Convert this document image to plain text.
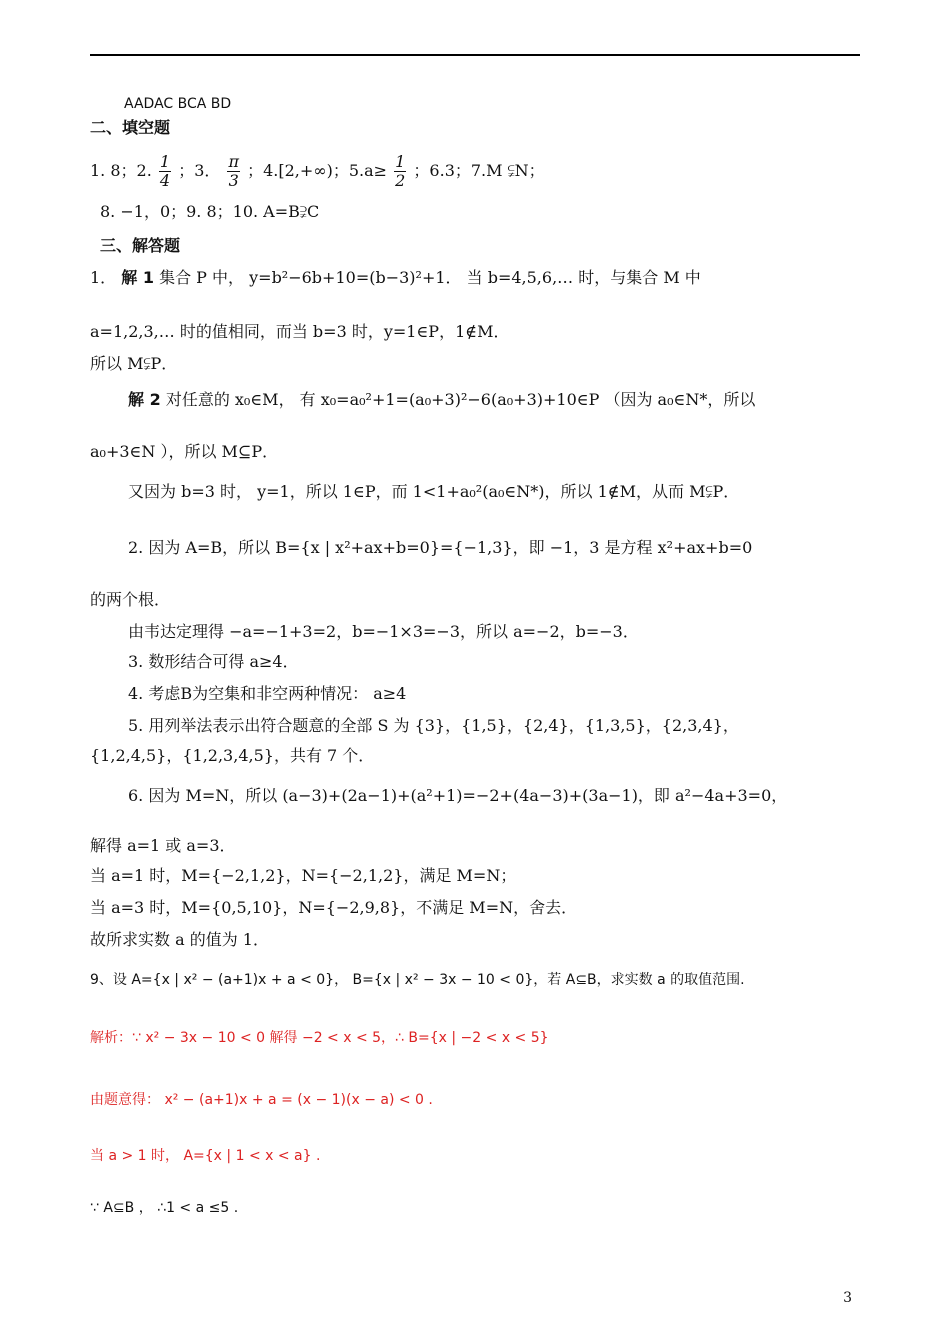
AADAC BCA BD
二、填空题
1. 8；2. $\frac{1}{4}$ ；3． $\frac{\pi}{3}$ ；4.[2,+∞)；$5.a\ge \frac{1}{2}$ ；6.3；7.M ⫋N；
8. −1，0；9. 8；10. A=B⫌C
三、解答题
1． 解 1 集合 P 中， y=b²−6b+10=(b−3)²+1． 当 b=4,5,6,… 时，与集合 M 中
a=1,2,3,… 时的值相同，而当 b=3 时，y=1∈P，1∉M．
所以 M⫋P．
解 2 对任意的 x₀∈M， 有 x₀=a₀²+1=(a₀+3)²−6(a₀+3)+10∈P （因为 a₀∈N*，所以
a₀+3∈N ），所以 M⊆P．
又因为 b=3 时， y=1，所以 1∈P，而 1<1+a₀²(a₀∈N*)，所以 1∉M，从而 M⫋P．
2. 因为 A=B，所以 B={x | x²+ax+b=0}={−1,3}，即 −1，3 是方程 x²+ax+b=0
的两个根．
由韦达定理得 −a=−1+3=2，b=−1×3=−3，所以 a=−2，b=−3．
3. 数形结合可得 a≥4．
4. 考虑B为空集和非空两种情况： a≥4
5. 用列举法表示出符合题意的全部 S 为 {3}，{1,5}，{2,4}，{1,3,5}，{2,3,4}，
{1,2,4,5}，{1,2,3,4,5}，共有 7 个．
6. 因为 M=N，所以 (a−3)+(2a−1)+(a²+1)=−2+(4a−3)+(3a−1)，即 a²−4a+3=0，
解得 a=1 或 a=3．
当 a=1 时，M={−2,1,2}，N={−2,1,2}，满足 M=N；
当 a=3 时，M={0,5,10}，N={−2,9,8}，不满足 M=N，舍去．
故所求实数 a 的值为 1．
9、设 A={x | x² − (a+1)x + a < 0}， B={x | x² − 3x − 10 < 0}，若 A⊆B，求实数 a 的取值范围.
解析：∵ x² − 3x − 10 < 0 解得 −2 < x < 5，∴ B={x | −2 < x < 5}
由题意得： x² − (a+1)x + a = (x − 1)(x − a) < 0 .
当 a > 1 时， A={x | 1 < x < a} .
∵ A⊆B ， ∴1 < a ≤5 .
3
